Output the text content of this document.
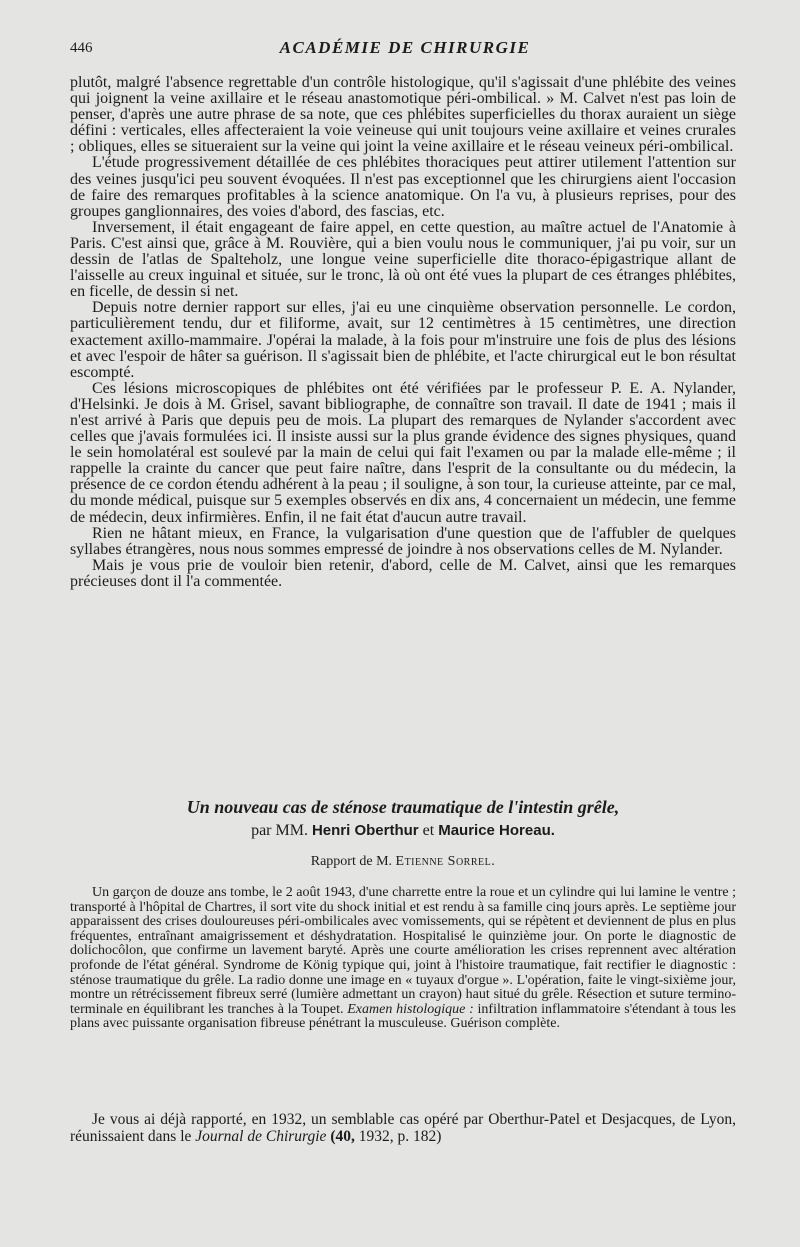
446	ACADÉMIE DE CHIRURGIE

plutôt, malgré l'absence regrettable d'un contrôle histologique, qu'il s'agissait d'une phlébite des veines qui joignent la veine axillaire et le réseau anastomotique péri-ombilical. » M. Calvet n'est pas loin de penser, d'après une autre phrase de sa note, que ces phlébites superficielles du thorax auraient un siège défini : verticales, elles affecteraient la voie veineuse qui unit toujours veine axillaire et veines crurales ; obliques, elles se situeraient sur la veine qui joint la veine axillaire et le réseau veineux péri-ombilical.

L'étude progressivement détaillée de ces phlébites thoraciques peut attirer utilement l'attention sur des veines jusqu'ici peu souvent évoquées. Il n'est pas exceptionnel que les chirurgiens aient l'occasion de faire des remarques profitables à la science anatomique. On l'a vu, à plusieurs reprises, pour des groupes ganglionnaires, des voies d'abord, des fascias, etc.

Inversement, il était engageant de faire appel, en cette question, au maître actuel de l'Anatomie à Paris. C'est ainsi que, grâce à M. Rouvière, qui a bien voulu nous le communiquer, j'ai pu voir, sur un dessin de l'atlas de Spalteholz, une longue veine superficielle dite thoraco-épigastrique allant de l'aisselle au creux inguinal et située, sur le tronc, là où ont été vues la plupart de ces étranges phlébites, en ficelle, de dessin si net.

Depuis notre dernier rapport sur elles, j'ai eu une cinquième observation personnelle. Le cordon, particulièrement tendu, dur et filiforme, avait, sur 12 centimètres à 15 centimètres, une direction exactement axillo-mammaire. J'opérai la malade, à la fois pour m'instruire une fois de plus des lésions et avec l'espoir de hâter sa guérison. Il s'agissait bien de phlébite, et l'acte chirurgical eut le bon résultat escompté.

Ces lésions microscopiques de phlébites ont été vérifiées par le professeur P. E. A. Nylander, d'Helsinki. Je dois à M. Grisel, savant bibliographe, de connaître son travail. Il date de 1941 ; mais il n'est arrivé à Paris que depuis peu de mois. La plupart des remarques de Nylander s'accordent avec celles que j'avais formulées ici. Il insiste aussi sur la plus grande évidence des signes physiques, quand le sein homolatéral est soulevé par la main de celui qui fait l'examen ou par la malade elle-même ; il rappelle la crainte du cancer que peut faire naître, dans l'esprit de la consultante ou du médecin, la présence de ce cordon étendu adhérent à la peau ; il souligne, à son tour, la curieuse atteinte, par ce mal, du monde médical, puisque sur 5 exemples observés en dix ans, 4 concernaient un médecin, une femme de médecin, deux infirmières. Enfin, il ne fait état d'aucun autre travail.

Rien ne hâtant mieux, en France, la vulgarisation d'une question que de l'affubler de quelques syllabes étrangères, nous nous sommes empressé de joindre à nos observations celles de M. Nylander.

Mais je vous prie de vouloir bien retenir, d'abord, celle de M. Calvet, ainsi que les remarques précieuses dont il l'a commentée.

Un nouveau cas de sténose traumatique de l'intestin grêle,
par MM. Henri Oberthur et Maurice Horeau.
Rapport de M. Etienne Sorrel.

Un garçon de douze ans tombe, le 2 août 1943, d'une charrette entre la roue et un cylindre qui lui lamine le ventre ; transporté à l'hôpital de Chartres, il sort vite du shock initial et est rendu à sa famille cinq jours après. Le septième jour apparaissent des crises douloureuses péri-ombilicales avec vomissements, qui se répètent et deviennent de plus en plus fréquentes, entraînant amaigrissement et déshydratation. Hospitalisé le quinzième jour. On porte le diagnostic de dolichocôlon, que confirme un lavement baryté. Après une courte amélioration les crises reprennent avec altération profonde de l'état général. Syndrome de König typique qui, joint à l'histoire traumatique, fait rectifier le diagnostic : sténose traumatique du grêle. La radio donne une image en « tuyaux d'orgue ». L'opération, faite le vingt-sixième jour, montre un rétrécissement fibreux serré (lumière admettant un crayon) haut situé du grêle. Résection et suture termino-terminale en équilibrant les tranches à la Toupet. Examen histologique : infiltration inflammatoire s'étendant à tous les plans avec puissante organisation fibreuse pénétrant la musculeuse. Guérison complète.

Je vous ai déjà rapporté, en 1932, un semblable cas opéré par Oberthur-Patel et Desjacques, de Lyon, réunissaient dans le Journal de Chirurgie (40, 1932, p. 182)
